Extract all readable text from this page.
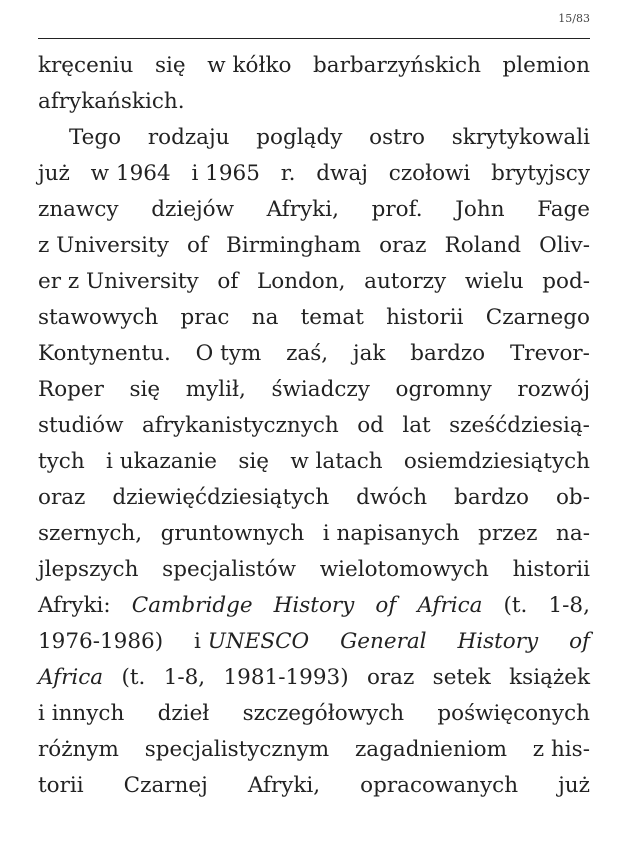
15/83
kręceniu się w kółko barbarzyńskich plemion
afrykańskich.
Tego rodzaju poglądy ostro skrytykowali
już w 1964 i 1965 r. dwaj czołowi brytyjscy
znawcy dziejów Afryki, prof. John Fage
z University of Birmingham oraz Roland Oliv-
er z University of London, autorzy wielu pod-
stawowych prac na temat historii Czarnego
Kontynentu. O tym zaś, jak bardzo Trevor-
Roper się mylił, świadczy ogromny rozwój
studiów afrykanistycznych od lat sześćdziesią-
tych i ukazanie się w latach osiemdziesiątych
oraz dziewięćdziesiątych dwóch bardzo ob-
szernych, gruntownych i napisanych przez na-
jlepszych specjalistów wielotomowych historii
Afryki: Cambridge History of Africa (t. 1-8,
1976-1986) i UNESCO General History of
Africa (t. 1-8, 1981-1993) oraz setek książek
i innych dzieł szczegółowych poświęconych
różnym specjalistycznym zagadnieniom z his-
torii Czarnej Afryki, opracowanych już
